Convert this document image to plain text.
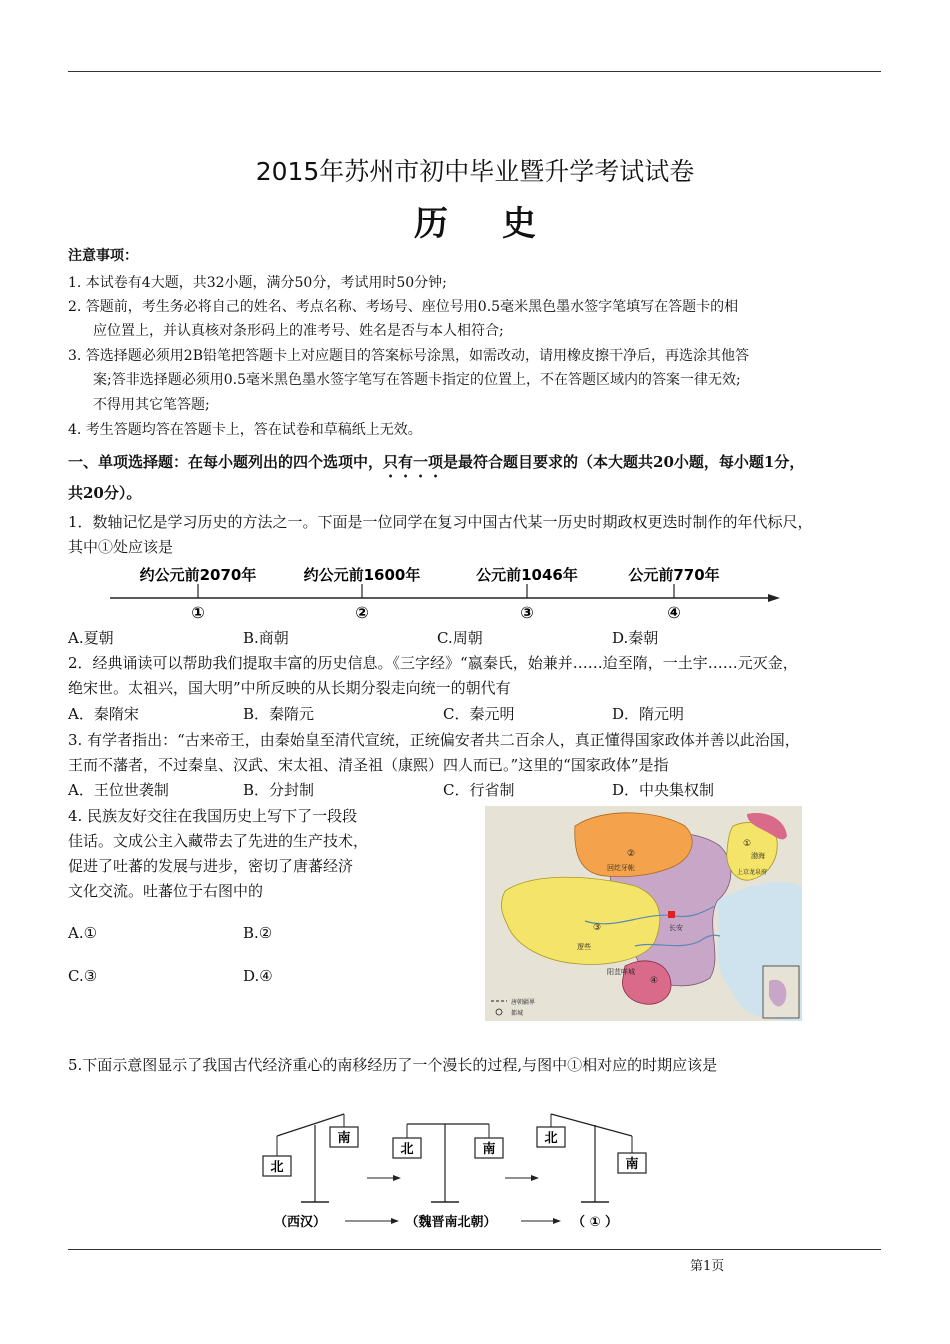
2015年苏州市初中毕业暨升学考试试卷
历史
注意事项：
1. 本试卷有4大题，共32小题，满分50分，考试用时50分钟;
2. 答题前，考生务必将自己的姓名、考点名称、考场号、座位号用0.5毫米黑色墨水签字笔填写在答题卡的相
应位置上，并认真核对条形码上的准考号、姓名是否与本人相符合;
3. 答选择题必须用2B铅笔把答题卡上对应题目的答案标号涂黑，如需改动，请用橡皮擦干净后，再选涂其他答
案;答非选择题必须用0.5毫米黑色墨水签字笔写在答题卡指定的位置上，不在答题区域内的答案一律无效;
不得用其它笔答题;
4. 考生答题均答在答题卡上，答在试卷和草稿纸上无效。
一、单项选择题：在每小题列出的四个选项中，只有一项是最符合题目要求的（本大题共20小题，每小题1分，
共20分）。
1．数轴记忆是学习历史的方法之一。下面是一位同学在复习中国古代某一历史时期政权更迭时制作的年代标尺，
其中①处应该是
约公元前2070年
①
约公元前1600年
②
公元前1046年
③
公元前770年
④
A.夏朝	B.商朝	C.周朝	D.秦朝
2．经典诵读可以帮助我们提取丰富的历史信息。《三字经》“嬴秦氏，始兼并……迨至隋，一土宇……元灭金，
绝宋世。太祖兴，国大明”中所反映的从长期分裂走向统一的朝代有
A．秦隋宋	B．秦隋元	C．秦元明	D．隋元明
3. 有学者指出：“古来帝王，由秦始皇至清代宣统，正统偏安者共二百余人，真正懂得国家政体并善以此治国，
王而不藩者，不过秦皇、汉武、宋太祖、清圣祖（康熙）四人而已。”这里的“国家政体”是指
A．王位世袭制	B．分封制	C．行省制	D．中央集权制
4. 民族友好交往在我国历史上写下了一段段
佳话。文成公主入藏带去了先进的生产技术，
促进了吐蕃的发展与进步，密切了唐蕃经济
文化交流。吐蕃位于右图中的
A.①	B.②
C.③	D.④
②
回纥牙帐
①
渤海
③
逻些
长安
④
阳苴咩城
上京龙泉府
唐朝疆界
都城
5.下面示意图显示了我国古代经济重心的南移经历了一个漫长的过程,与图中①相对应的时期应该是
北
南
（西汉）
北	南
（魏晋南北朝）
北
南
（ ① ）
第1页
